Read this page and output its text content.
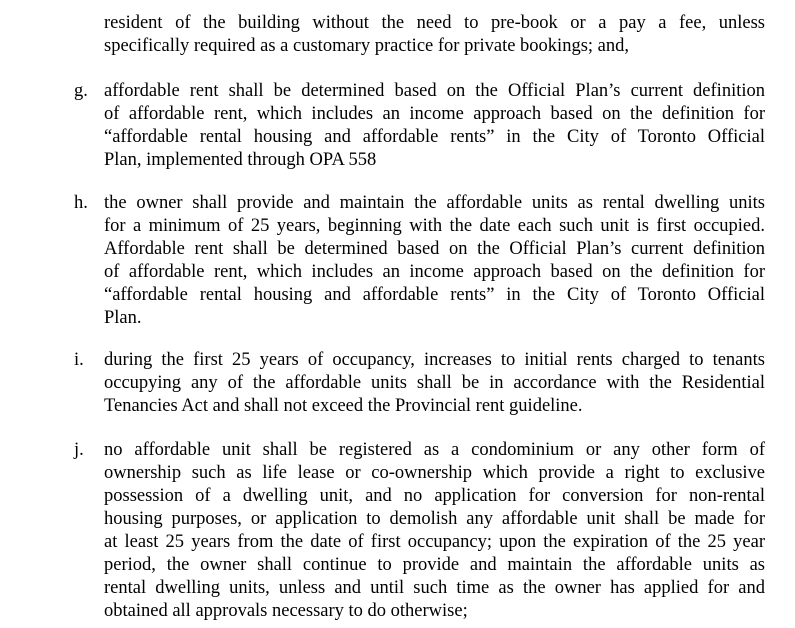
resident of the building without the need to pre-book or a pay a fee, unless
specifically required as a customary practice for private bookings; and,
g. affordable rent shall be determined based on the Official Plan’s current definition
of affordable rent, which includes an income approach based on the definition for
“affordable rental housing and affordable rents” in the City of Toronto Official
Plan, implemented through OPA 558
h. the owner shall provide and maintain the affordable units as rental dwelling units
for a minimum of 25 years, beginning with the date each such unit is first occupied.
Affordable rent shall be determined based on the Official Plan’s current definition
of affordable rent, which includes an income approach based on the definition for
“affordable rental housing and affordable rents” in the City of Toronto Official
Plan.
i. during the first 25 years of occupancy, increases to initial rents charged to tenants
occupying any of the affordable units shall be in accordance with the Residential
Tenancies Act and shall not exceed the Provincial rent guideline.
j. no affordable unit shall be registered as a condominium or any other form of
ownership such as life lease or co-ownership which provide a right to exclusive
possession of a dwelling unit, and no application for conversion for non-rental
housing purposes, or application to demolish any affordable unit shall be made for
at least 25 years from the date of first occupancy; upon the expiration of the 25 year
period, the owner shall continue to provide and maintain the affordable units as
rental dwelling units, unless and until such time as the owner has applied for and
obtained all approvals necessary to do otherwise;
